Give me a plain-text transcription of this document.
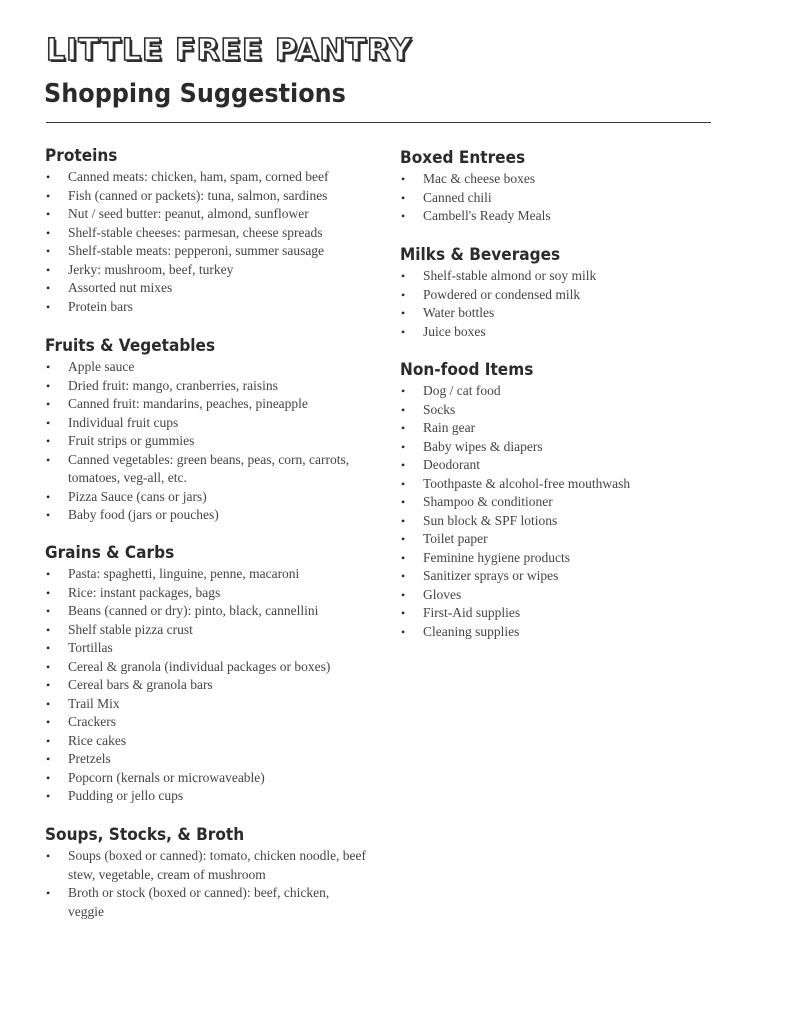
LITTLE FREE PANTRY
Shopping Suggestions
Proteins
• Canned meats: chicken, ham, spam, corned beef
• Fish (canned or packets): tuna, salmon, sardines
• Nut / seed butter: peanut, almond, sunflower
• Shelf-stable cheeses: parmesan, cheese spreads
• Shelf-stable meats: pepperoni, summer sausage
• Jerky: mushroom, beef, turkey
• Assorted nut mixes
• Protein bars
Fruits & Vegetables
• Apple sauce
• Dried fruit: mango, cranberries, raisins
• Canned fruit: mandarins, peaches, pineapple
• Individual fruit cups
• Fruit strips or gummies
• Canned vegetables: green beans, peas, corn, carrots, tomatoes, veg-all, etc.
• Pizza Sauce (cans or jars)
• Baby food (jars or pouches)
Grains & Carbs
• Pasta: spaghetti, linguine, penne, macaroni
• Rice: instant packages, bags
• Beans (canned or dry): pinto, black, cannellini
• Shelf stable pizza crust
• Tortillas
• Cereal & granola (individual packages or boxes)
• Cereal bars & granola bars
• Trail Mix
• Crackers
• Rice cakes
• Pretzels
• Popcorn (kernals or microwaveable)
• Pudding or jello cups
Soups, Stocks, & Broth
• Soups (boxed or canned): tomato, chicken noodle, beef stew, vegetable, cream of mushroom
• Broth or stock (boxed or canned): beef, chicken, veggie
Boxed Entrees
• Mac & cheese boxes
• Canned chili
• Cambell's Ready Meals
Milks & Beverages
• Shelf-stable almond or soy milk
• Powdered or condensed milk
• Water bottles
• Juice boxes
Non-food Items
• Dog / cat food
• Socks
• Rain gear
• Baby wipes & diapers
• Deodorant
• Toothpaste & alcohol-free mouthwash
• Shampoo & conditioner
• Sun block & SPF lotions
• Toilet paper
• Feminine hygiene products
• Sanitizer sprays or wipes
• Gloves
• First-Aid supplies
• Cleaning supplies
